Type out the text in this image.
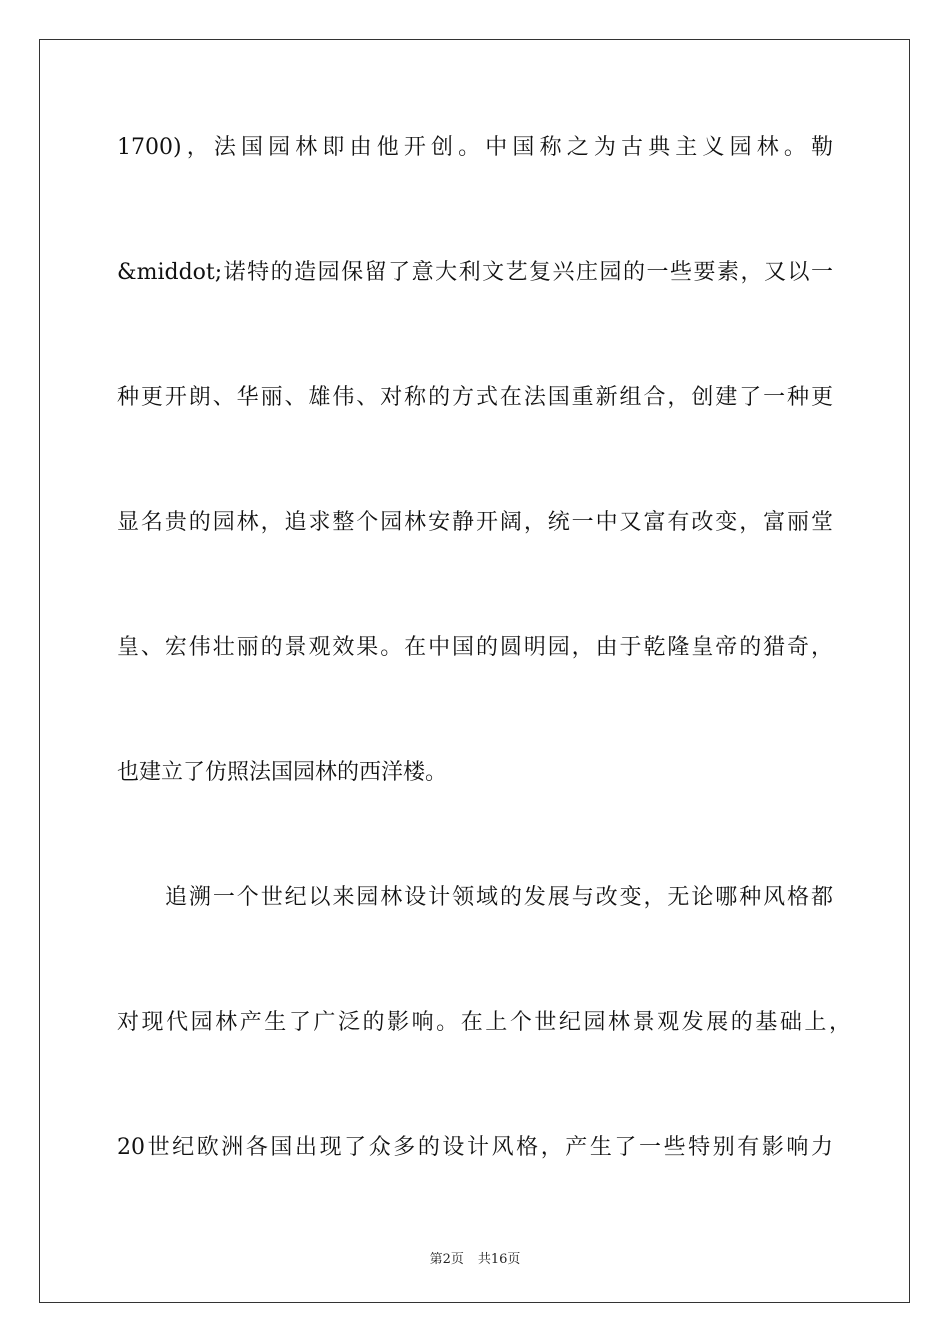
1700)，法国园林即由他开创。中国称之为古典主义园林。勒
&middot;诺特的造园保留了意大利文艺复兴庄园的一些要素，又以一
种更开朗、华丽、雄伟、对称的方式在法国重新组合，创建了一种更
显名贵的园林，追求整个园林安静开阔，统一中又富有改变，富丽堂
皇、宏伟壮丽的景观效果。在中国的圆明园，由于乾隆皇帝的猎奇，
也建立了仿照法国园林的西洋楼。
追溯一个世纪以来园林设计领域的发展与改变，无论哪种风格都
对现代园林产生了广泛的影响。在上个世纪园林景观发展的基础上，
20世纪欧洲各国出现了众多的设计风格，产生了一些特别有影响力
第2页 共16页
